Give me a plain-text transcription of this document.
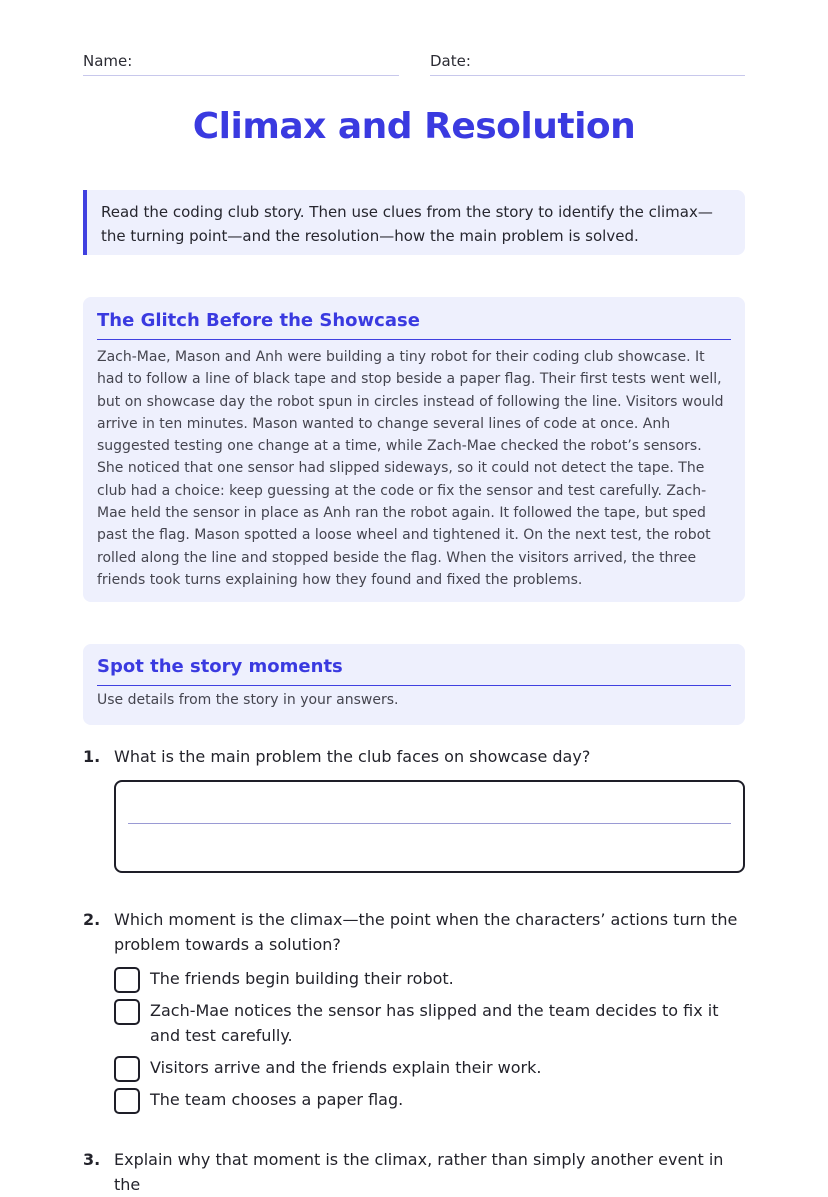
Name:	Date:
Climax and Resolution
Read the coding club story. Then use clues from the story to identify the climax—the turning point—and the resolution—how the main problem is solved.
The Glitch Before the Showcase
Zach-Mae, Mason and Anh were building a tiny robot for their coding club showcase. It had to follow a line of black tape and stop beside a paper flag. Their first tests went well, but on showcase day the robot spun in circles instead of following the line. Visitors would arrive in ten minutes. Mason wanted to change several lines of code at once. Anh suggested testing one change at a time, while Zach-Mae checked the robot’s sensors. She noticed that one sensor had slipped sideways, so it could not detect the tape. The club had a choice: keep guessing at the code or fix the sensor and test carefully. Zach-Mae held the sensor in place as Anh ran the robot again. It followed the tape, but sped past the flag. Mason spotted a loose wheel and tightened it. On the next test, the robot rolled along the line and stopped beside the flag. When the visitors arrived, the three friends took turns explaining how they found and fixed the problems.
Spot the story moments
Use details from the story in your answers.
1. What is the main problem the club faces on showcase day?
2. Which moment is the climax—the point when the characters’ actions turn the problem towards a solution?
The friends begin building their robot.
Zach-Mae notices the sensor has slipped and the team decides to fix it and test carefully.
Visitors arrive and the friends explain their work.
The team chooses a paper flag.
3. Explain why that moment is the climax, rather than simply another event in the
